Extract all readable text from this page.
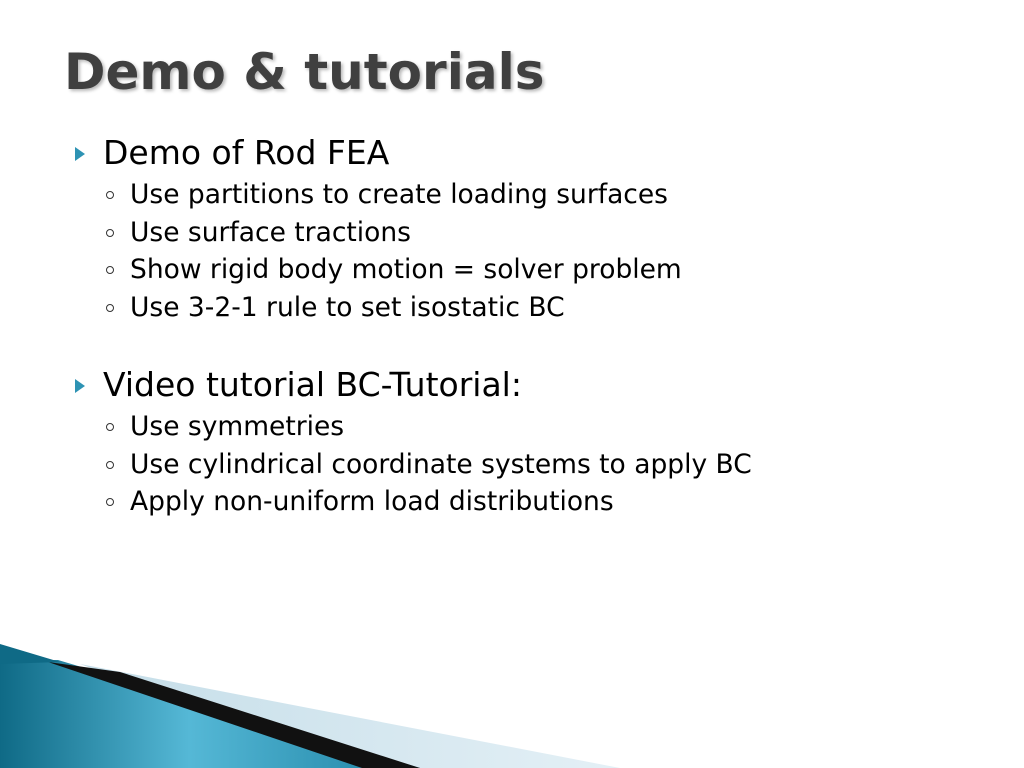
Demo & tutorials
Demo of Rod FEA
Use partitions to create loading surfaces
Use surface tractions
Show rigid body motion = solver problem
Use 3-2-1 rule to set isostatic BC
Video tutorial BC-Tutorial:
Use symmetries
Use cylindrical coordinate systems to apply BC
Apply non-uniform load distributions
